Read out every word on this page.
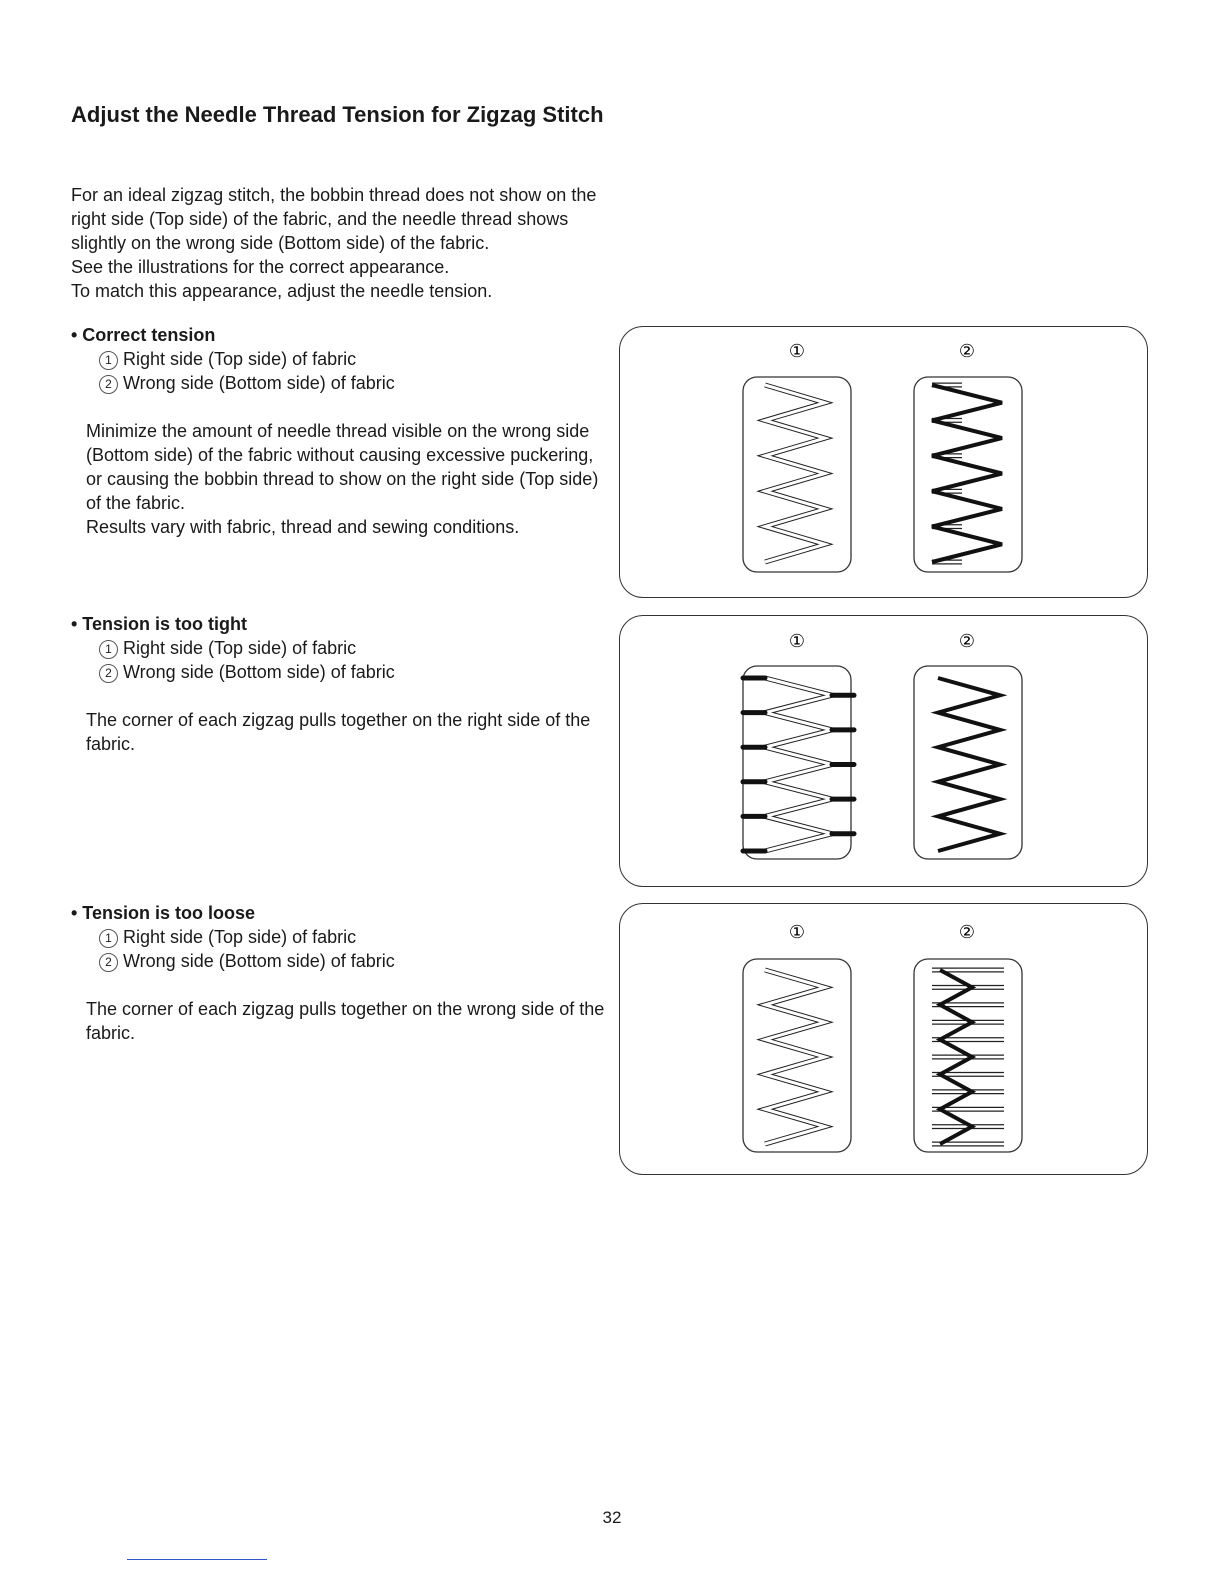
Adjust the Needle Thread Tension for Zigzag Stitch

For an ideal zigzag stitch, the bobbin thread does not show on the right side (Top side) of the fabric, and the needle thread shows slightly on the wrong side (Bottom side) of the fabric.

See the illustrations for the correct appearance.

To match this appearance, adjust the needle tension.

• Correct tension
1 Right side (Top side) of fabric
2 Wrong side (Bottom side) of fabric

Minimize the amount of needle thread visible on the wrong side (Bottom side) of the fabric without causing excessive puckering, or causing the bobbin thread to show on the right side (Top side) of the fabric.

Results vary with fabric, thread and sewing conditions.

• Tension is too tight
1 Right side (Top side) of fabric
2 Wrong side (Bottom side) of fabric

The corner of each zigzag pulls together on the right side of the fabric.

• Tension is too loose
1 Right side (Top side) of fabric
2 Wrong side (Bottom side) of fabric

The corner of each zigzag pulls together on the wrong side of the fabric.

①	②
①	②
①	②
32
